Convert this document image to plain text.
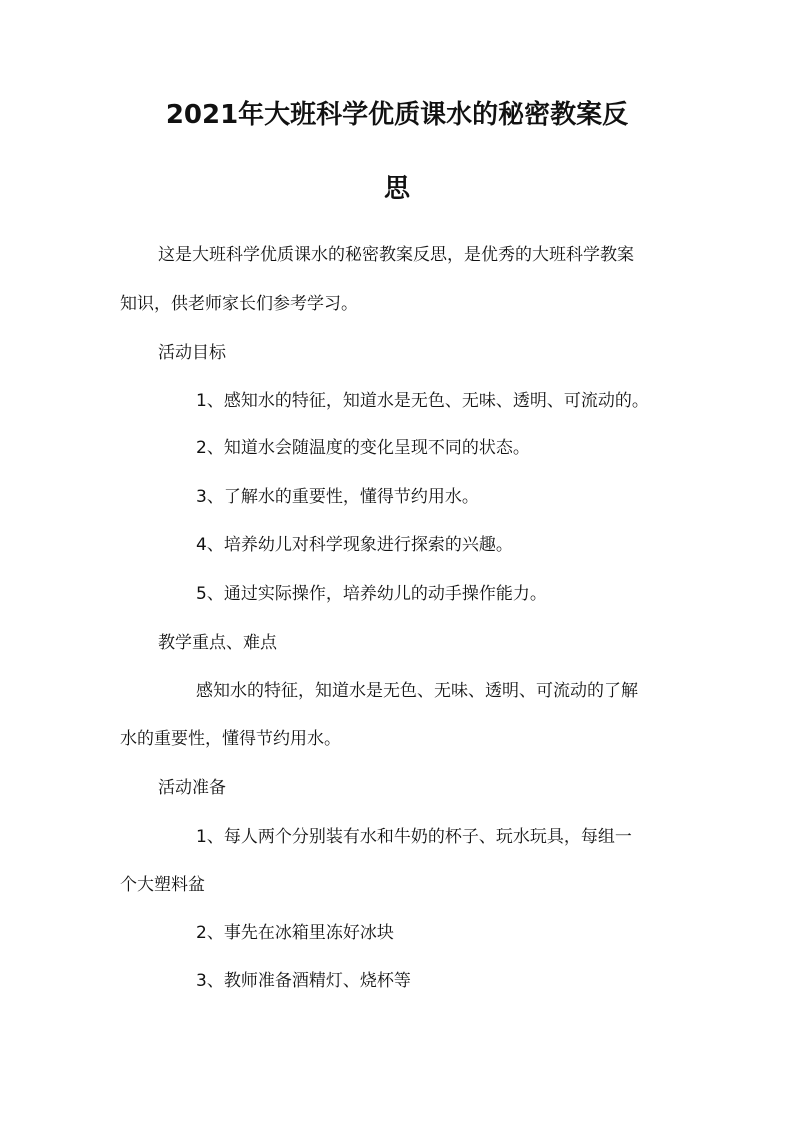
2021年大班科学优质课水的秘密教案反
思

这是大班科学优质课水的秘密教案反思，是优秀的大班科学教案

知识，供老师家长们参考学习。

活动目标

1、感知水的特征，知道水是无色、无味、透明、可流动的。

2、知道水会随温度的变化呈现不同的状态。

3、了解水的重要性，懂得节约用水。

4、培养幼儿对科学现象进行探索的兴趣。

5、通过实际操作，培养幼儿的动手操作能力。

教学重点、难点

感知水的特征，知道水是无色、无味、透明、可流动的了解

水的重要性，懂得节约用水。

活动准备

1、每人两个分别装有水和牛奶的杯子、玩水玩具，每组一

个大塑料盆

2、事先在冰箱里冻好冰块

3、教师准备酒精灯、烧杯等
